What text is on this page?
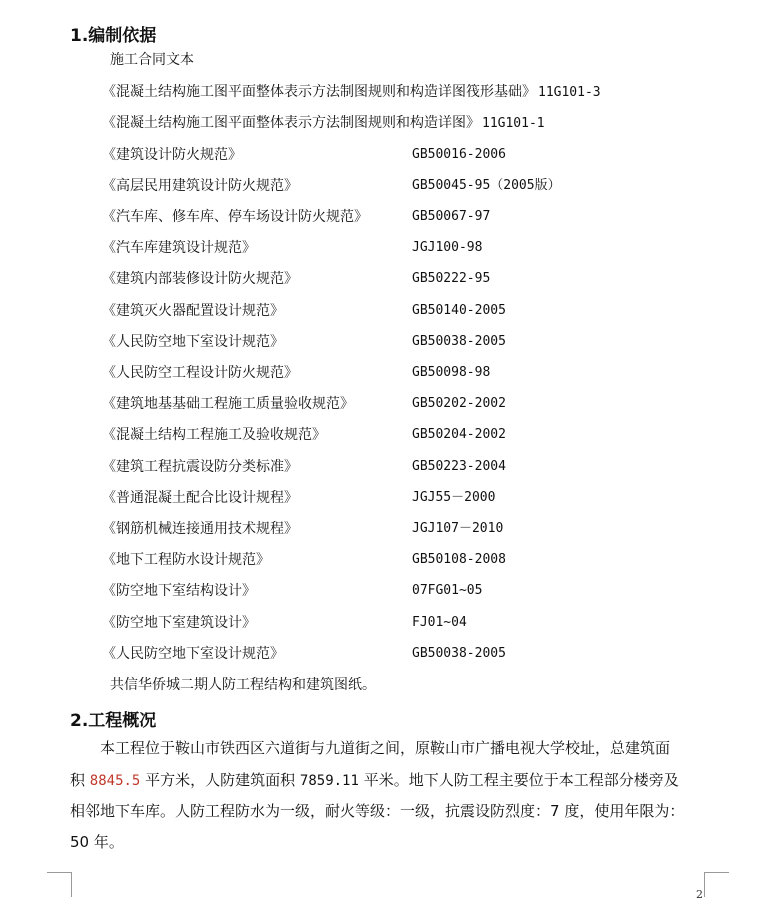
1.编制依据
施工合同文本
《混凝土结构施工图平面整体表示方法制图规则和构造详图筏形基础》 11G101-3
《混凝土结构施工图平面整体表示方法制图规则和构造详图》 11G101-1
《建筑设计防火规范》	GB50016-2006
《高层民用建筑设计防火规范》	GB50045-95（2005版）
《汽车库、修车库、停车场设计防火规范》	GB50067-97
《汽车库建筑设计规范》	JGJ100-98
《建筑内部装修设计防火规范》	GB50222-95
《建筑灭火器配置设计规范》	GB50140-2005
《人民防空地下室设计规范》	GB50038-2005
《人民防空工程设计防火规范》	GB50098-98
《建筑地基基础工程施工质量验收规范》	GB50202-2002
《混凝土结构工程施工及验收规范》	GB50204-2002
《建筑工程抗震设防分类标准》	GB50223-2004
《普通混凝土配合比设计规程》	JGJ55－2000
《钢筋机械连接通用技术规程》	JGJ107－2010
《地下工程防水设计规范》	GB50108-2008
《防空地下室结构设计》	07FG01~05
《防空地下室建筑设计》	FJ01~04
《人民防空地下室设计规范》	GB50038-2005
共信华侨城二期人防工程结构和建筑图纸。
2.工程概况
本工程位于鞍山市铁西区六道街与九道街之间，原鞍山市广播电视大学校址，总建筑面
积 8845.5 平方米，人防建筑面积 7859.11 平米。地下人防工程主要位于本工程部分楼旁及
相邻地下车库。人防工程防水为一级，耐火等级：一级，抗震设防烈度：7 度，使用年限为：
50 年。
2
